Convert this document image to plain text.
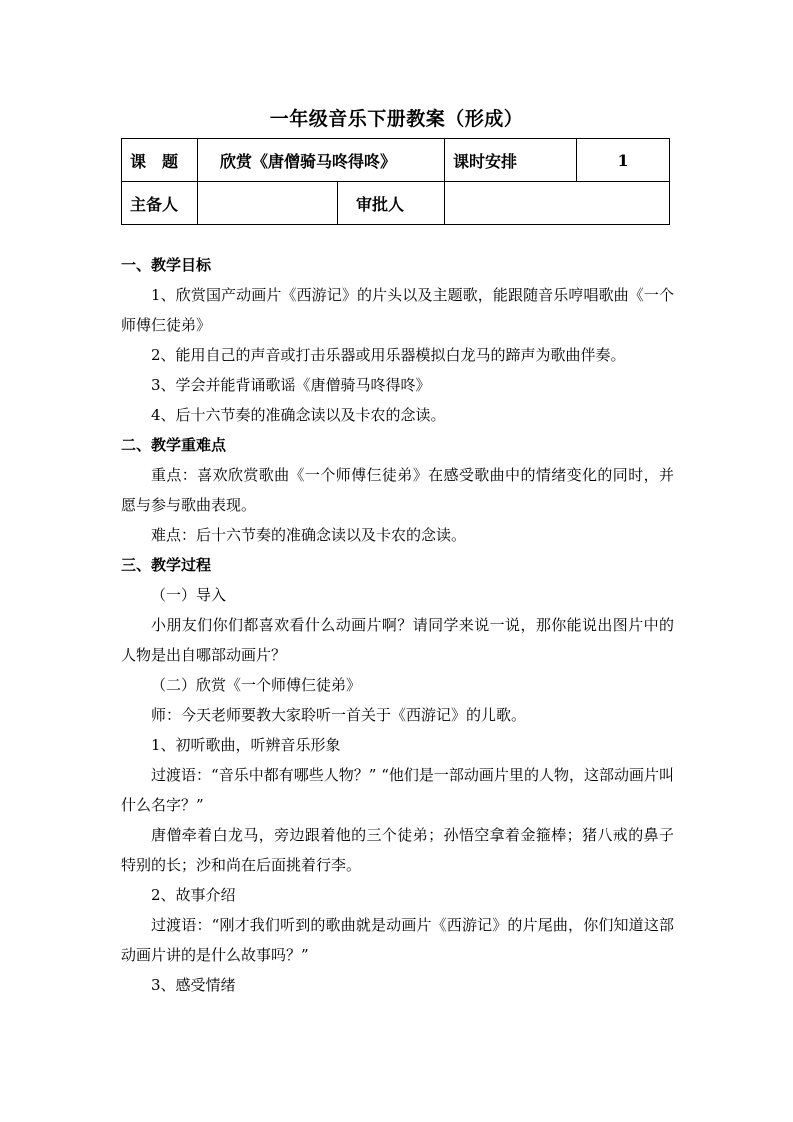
一年级音乐下册教案（形成）
课　题	欣赏《唐僧骑马咚得咚》		课时安排	1
主备人		审批人		

一、教学目标

1、欣赏国产动画片《西游记》的片头以及主题歌，能跟随音乐哼唱歌曲《一个师傅仨徒弟》

2、能用自己的声音或打击乐器或用乐器模拟白龙马的蹄声为歌曲伴奏。

3、学会并能背诵歌谣《唐僧骑马咚得咚》

4、后十六节奏的准确念读以及卡农的念读。

二、教学重难点

重点：喜欢欣赏歌曲《一个师傅仨徒弟》在感受歌曲中的情绪变化的同时，并愿与参与歌曲表现。

难点：后十六节奏的准确念读以及卡农的念读。

三、教学过程

（一）导入

小朋友们你们都喜欢看什么动画片啊？请同学来说一说，那你能说出图片中的人物是出自哪部动画片？

（二）欣赏《一个师傅仨徒弟》

师：今天老师要教大家聆听一首关于《西游记》的儿歌。

1、初听歌曲，听辨音乐形象

过渡语：“音乐中都有哪些人物？” “他们是一部动画片里的人物，这部动画片叫什么名字？”

唐僧牵着白龙马，旁边跟着他的三个徒弟；孙悟空拿着金箍棒；猪八戒的鼻子特别的长；沙和尚在后面挑着行李。

2、故事介绍

过渡语：“刚才我们听到的歌曲就是动画片《西游记》的片尾曲，你们知道这部动画片讲的是什么故事吗？”

3、感受情绪
